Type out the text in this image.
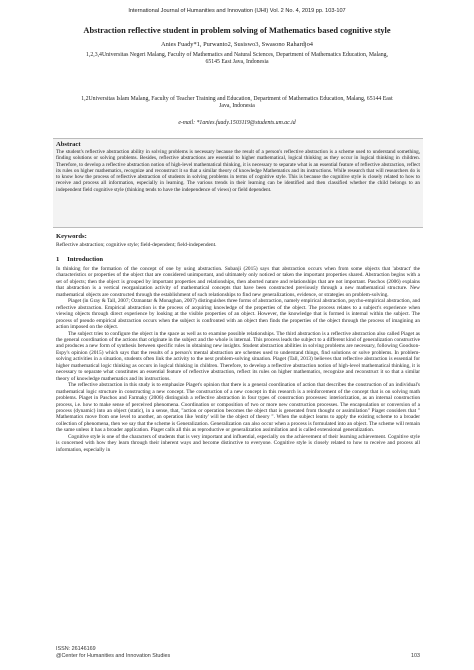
International Journal of Humanities and Innovation (IJHI) Vol. 2 No. 4, 2019 pp. 103-107
Abstraction reflective student in problem solving of Mathematics based cognitive style
Anies Fuady*1, Purwanto2, Susiswo3, Swasono Rahardjo4
1,2,3,4Universitas Negeri Malang, Faculty of Mathematics and Natural Sciences, Department of Mathematics Education, Malang,
65145 East Java, Indonesia
1,2Universitas Islam Malang, Faculty of Teacher Training and Education, Department of Mathematics Education, Malang, 65144 East
Java, Indonesia
e-mail: *1anies.fuady.1503119@students.um.ac.id
Abstract
The student's reflective abstraction ability in solving problems is necessary because the result of a person's reflective abstraction is a scheme used to understand something, finding solutions or solving problems. Besides, reflective abstractions are essential to higher mathematical, logical thinking as they occur in logical thinking in children. Therefore, to develop a reflective abstraction notion of high-level mathematical thinking, it is necessary to separate what is an essential feature of reflective abstraction, reflect its rules on higher mathematics, recognize and reconstruct it so that a similar theory of knowledge Mathematics and its instructions. While research that will researchers do is to know how the process of reflective abstraction of students in solving problems in terms of cognitive style. This is because the cognitive style is closely related to how to receive and process all information, especially in learning. The various trends in their learning can be identified and then classified whether the child belongs to an independent field cognitive style (thinking tends to have the independence of views) or field dependent.
Keywords:
Reflective abstraction; cognitive style; field-dependent; field-independent.
1 Introduction

In thinking for the formation of the concept of one by using abstraction. Subanji (2015) says that abstraction occurs when from some objects that 'abstract' the characteristics or properties of the object that are considered unimportant, and ultimately only noticed or taken the important properties shared. Abstraction begins with a set of objects; then the object is grouped by important properties and relationships, then aborted nature and relationships that are not important. Paschos (2006) explains that abstraction is a vertical reorganization activity of mathematical concepts that have been constructed previously through a new mathematical structure. New mathematical objects are constructed through the establishment of such relationships to find new generalizations, evidence, or strategies on problem-solving.

Piaget (in Gray & Tall, 2007; Ozmantar & Monaghan, 2007) distinguishes three forms of abstraction, namely empirical abstraction, psycho-empirical abstraction, and reflective abstraction. Empirical abstraction is the process of acquiring knowledge of the properties of the object. The process relates to a subject's experience when viewing objects through direct experience by looking at the visible properties of an object. However, the knowledge that is formed is internal within the subject. The process of pseudo empirical abstraction occurs when the subject is confronted with an object then finds the properties of the object through the process of imagining an action imposed on the object.

The subject tries to configure the object in the space as well as to examine possible relationships. The third abstraction is a reflective abstraction also called Piaget as the general coordination of the actions that originate in the subject and the whole is internal. This process leads the subject to a different kind of generalization constructive and produces a new form of synthesis between specific rules in obtaining new insights. Student abstraction abilities in solving problems are necessary, following Goodson-Espy's opinion (2015) which says that the results of a person's mental abstraction are schemes used to understand things, find solutions or solve problems. In problem-solving activities in a situation, students often link the activity to the next problem-solving situation. Piaget (Tall, 2013) believes that reflective abstraction is essential for higher mathematical logic thinking as occurs in logical thinking in children. Therefore, to develop a reflective abstraction notion of high-level mathematical thinking, it is necessary to separate what constitutes an essential feature of reflective abstraction, reflect its rules on higher mathematics, recognize and reconstruct it so that a similar theory of knowledge mathematics and its instructions.

The reflective abstraction in this study is to emphasize Piaget's opinion that there is a general coordination of action that describes the construction of an individual's mathematical logic structure in constructing a new concept. The construction of a new concept in this research is a reinforcement of the concept that is on solving math problems. Piaget in Paschos and Farmaky (2006) distinguish a reflective abstraction in four types of construction processes: interiorization, as an internal construction process, i.e. how to make sense of perceived phenomena. Coordination or composition of two or more new construction processes. The encapsulation or conversion of a process (dynamic) into an object (static), in a sense, that, "action or operation becomes the object that is generated from thought or assimilation" Piaget considers that " Mathematics move from one level to another, an operation like 'entity' will be the object of theory ". When the subject learns to apply the existing scheme to a broader collection of phenomena, then we say that the scheme is Generalization. Generalization can also occur when a process is formulated into an object. The scheme will remain the same unless it has a broader application. Piaget calls all this as reproductive or generalization assimilation and is called extensional generalization.

Cognitive style is one of the characters of students that is very important and influential, especially on the achievement of their learning achievement. Cognitive style is concerned with how they learn through their inherent ways and become distinctive to everyone. Cognitive style is closely related to how to receive and process all information, especially in

ISSN: 26146169
@Center for Humanities and Innovation Studies	103
